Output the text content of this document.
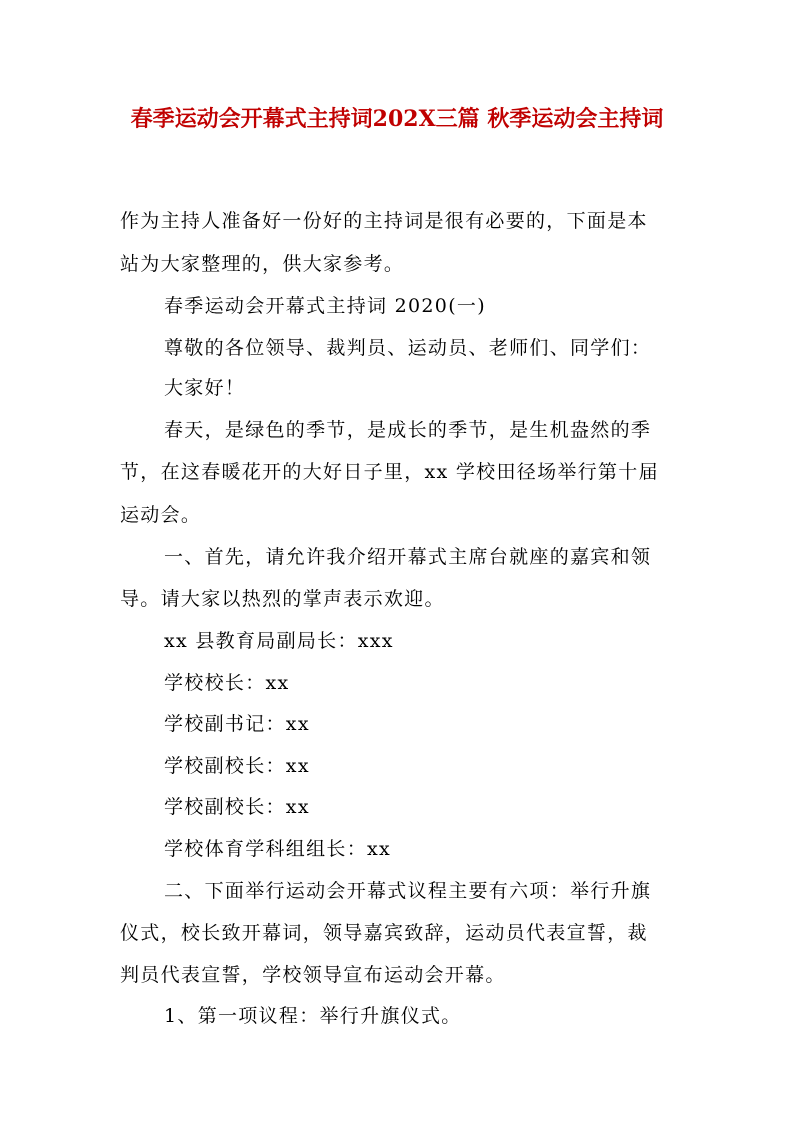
春季运动会开幕式主持词202X三篇 秋季运动会主持词

作为主持人准备好一份好的主持词是很有必要的，下面是本

站为大家整理的，供大家参考。

春季运动会开幕式主持词 2020(一)

尊敬的各位领导、裁判员、运动员、老师们、同学们：

大家好！

春天，是绿色的季节，是成长的季节，是生机盎然的季

节，在这春暖花开的大好日子里，xx 学校田径场举行第十届

运动会。

一、首先，请允许我介绍开幕式主席台就座的嘉宾和领

导。请大家以热烈的掌声表示欢迎。

xx 县教育局副局长：xxx

学校校长：xx

学校副书记：xx

学校副校长：xx

学校副校长：xx

学校体育学科组组长：xx

二、下面举行运动会开幕式议程主要有六项：举行升旗

仪式，校长致开幕词，领导嘉宾致辞，运动员代表宣誓，裁

判员代表宣誓，学校领导宣布运动会开幕。

1、第一项议程：举行升旗仪式。
